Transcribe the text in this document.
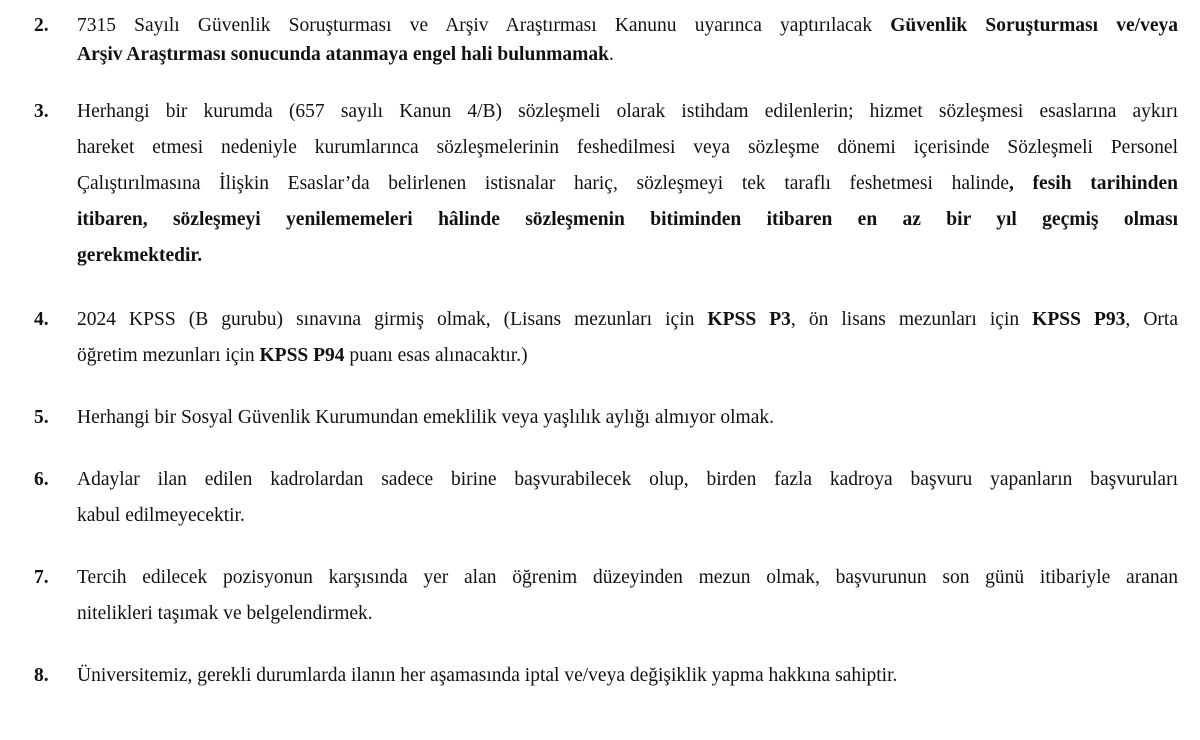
2. 7315 Sayılı Güvenlik Soruşturması ve Arşiv Araştırması Kanunu uyarınca yaptırılacak Güvenlik Soruşturması ve/veya
Arşiv Araştırması sonucunda atanmaya engel hali bulunmamak.
3. Herhangi bir kurumda (657 sayılı Kanun 4/B) sözleşmeli olarak istihdam edilenlerin; hizmet sözleşmesi esaslarına aykırı
hareket etmesi nedeniyle kurumlarınca sözleşmelerinin feshedilmesi veya sözleşme dönemi içerisinde Sözleşmeli Personel
Çalıştırılmasına İlişkin Esaslar’da belirlenen istisnalar hariç, sözleşmeyi tek taraflı feshetmesi halinde, fesih tarihinden
itibaren, sözleşmeyi yenilememeleri hâlinde sözleşmenin bitiminden itibaren en az bir yıl geçmiş olması
gerekmektedir.
4. 2024 KPSS (B gurubu) sınavına girmiş olmak, (Lisans mezunları için KPSS P3, ön lisans mezunları için KPSS P93, Orta
öğretim mezunları için KPSS P94 puanı esas alınacaktır.)
5. Herhangi bir Sosyal Güvenlik Kurumundan emeklilik veya yaşlılık aylığı almıyor olmak.
6. Adaylar ilan edilen kadrolardan sadece birine başvurabilecek olup, birden fazla kadroya başvuru yapanların başvuruları
kabul edilmeyecektir.
7. Tercih edilecek pozisyonun karşısında yer alan öğrenim düzeyinden mezun olmak, başvurunun son günü itibariyle aranan
nitelikleri taşımak ve belgelendirmek.
8. Üniversitemiz, gerekli durumlarda ilanın her aşamasında iptal ve/veya değişiklik yapma hakkına sahiptir.
